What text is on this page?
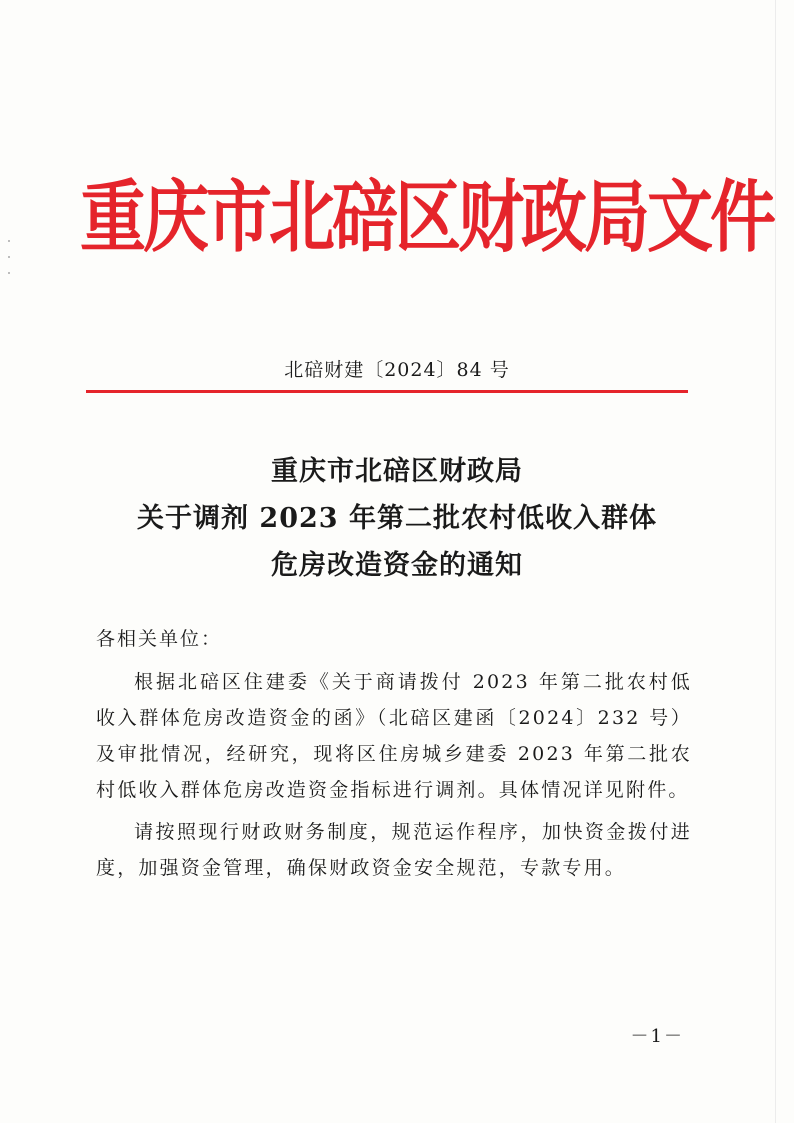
重庆市北碚区财政局文件
北碚财建〔2024〕84 号
重庆市北碚区财政局
关于调剂 2023 年第二批农村低收入群体
危房改造资金的通知
各相关单位：

根据北碚区住建委《关于商请拨付 2023 年第二批农村低收入群体危房改造资金的函》（北碚区建函〔2024〕232 号）及审批情况，经研究，现将区住房城乡建委 2023 年第二批农村低收入群体危房改造资金指标进行调剂。具体情况详见附件。

请按照现行财政财务制度，规范运作程序，加快资金拨付进度，加强资金管理，确保财政资金安全规范，专款专用。

－1－
